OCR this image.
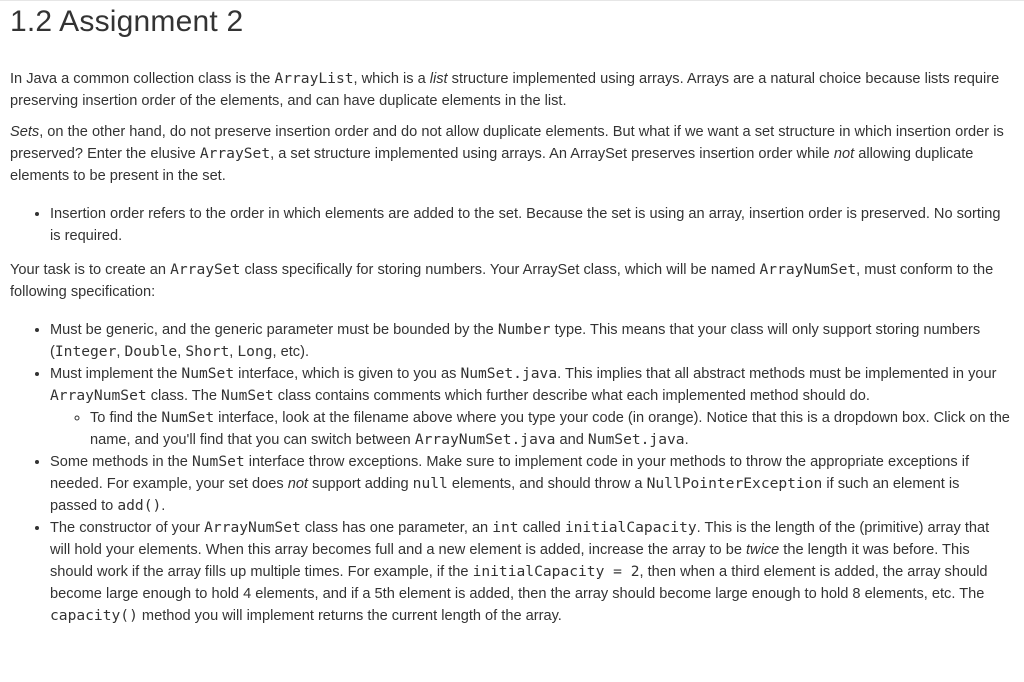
1.2 Assignment 2

In Java a common collection class is the ArrayList, which is a list structure implemented using arrays. Arrays are a natural choice because lists require preserving insertion order of the elements, and can have duplicate elements in the list.

Sets, on the other hand, do not preserve insertion order and do not allow duplicate elements. But what if we want a set structure in which insertion order is preserved? Enter the elusive ArraySet, a set structure implemented using arrays. An ArraySet preserves insertion order while not allowing duplicate elements to be present in the set.

• Insertion order refers to the order in which elements are added to the set. Because the set is using an array, insertion order is preserved. No sorting is required.

Your task is to create an ArraySet class specifically for storing numbers. Your ArraySet class, which will be named ArrayNumSet, must conform to the following specification:

• Must be generic, and the generic parameter must be bounded by the Number type. This means that your class will only support storing numbers (Integer, Double, Short, Long, etc).
• Must implement the NumSet interface, which is given to you as NumSet.java. This implies that all abstract methods must be implemented in your ArrayNumSet class. The NumSet class contains comments which further describe what each implemented method should do.
◦ To find the NumSet interface, look at the filename above where you type your code (in orange). Notice that this is a dropdown box. Click on the name, and you'll find that you can switch between ArrayNumSet.java and NumSet.java.
• Some methods in the NumSet interface throw exceptions. Make sure to implement code in your methods to throw the appropriate exceptions if needed. For example, your set does not support adding null elements, and should throw a NullPointerException if such an element is passed to add().
• The constructor of your ArrayNumSet class has one parameter, an int called initialCapacity. This is the length of the (primitive) array that will hold your elements. When this array becomes full and a new element is added, increase the array to be twice the length it was before. This should work if the array fills up multiple times. For example, if the initialCapacity = 2, then when a third element is added, the array should become large enough to hold 4 elements, and if a 5th element is added, then the array should become large enough to hold 8 elements, etc. The capacity() method you will implement returns the current length of the array.
